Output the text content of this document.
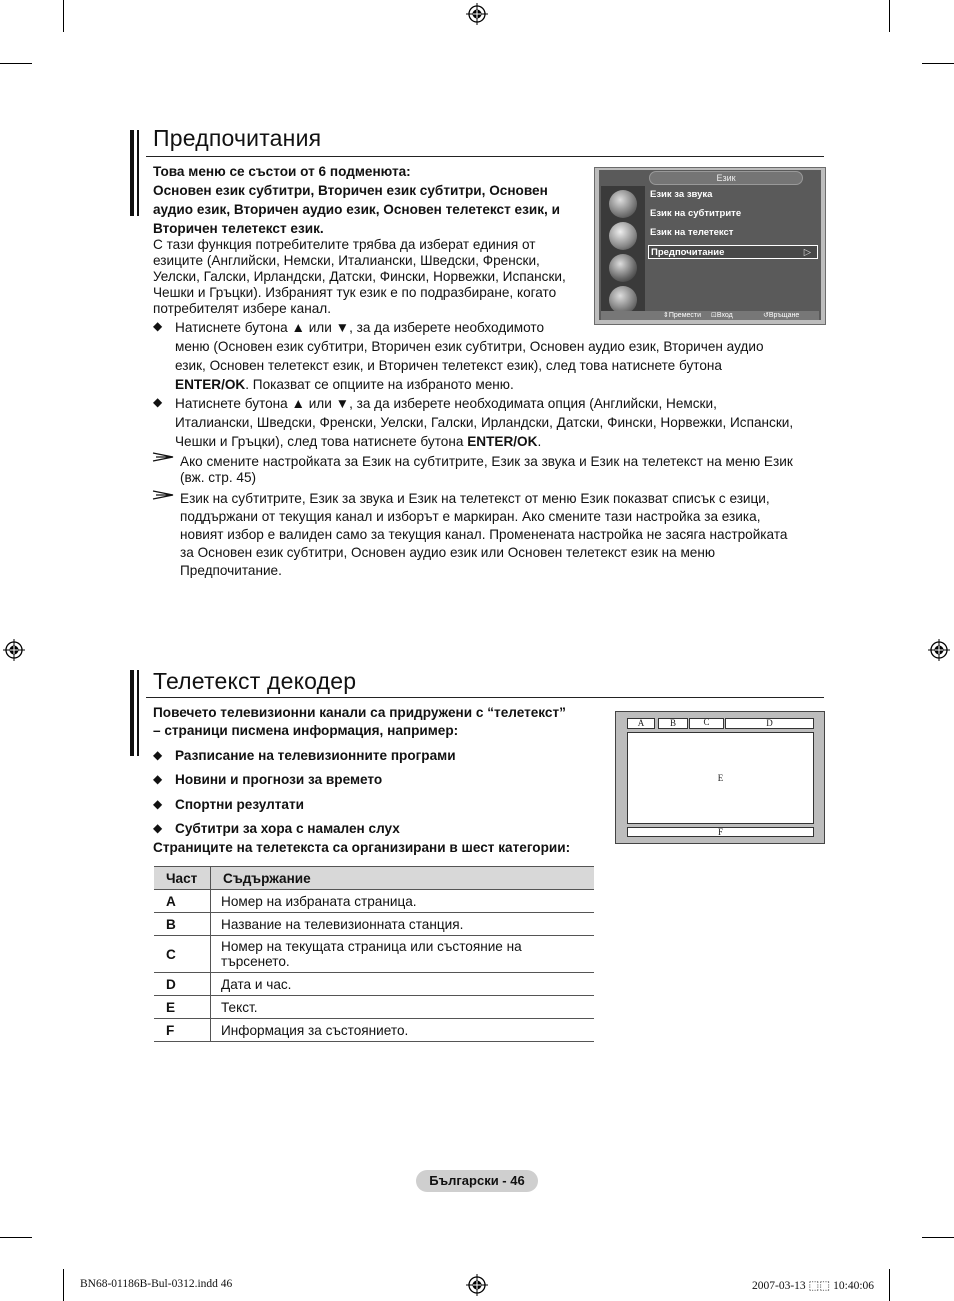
Предпочитания
Това меню се състои от 6 подменюта:
Основен език субтитри, Вторичен език субтитри, Основен
аудио език, Вторичен аудио език, Основен телетекст език, и
Вторичен телетекст език.
С тази функция потребителите трябва да изберат единия от
езиците (Английски, Немски, Италиански, Шведски, Френски,
Уелски, Галски, Ирландски, Датски, Фински, Норвежки, Испански,
Чешки и Гръцки). Избраният тук език е по подразбиране, когато
потребителят избере канал.
◆ Натиснете бутона ▲ или ▼, за да изберете необходимото
меню (Основен език субтитри, Вторичен език субтитри, Основен аудио език, Вторичен аудио
език, Основен телетекст език, и Вторичен телетекст език), след това натиснете бутона
ENTER/OK. Показват се опциите на избраното меню.
◆ Натиснете бутона ▲ или ▼, за да изберете необходимата опция (Английски, Немски,
Италиански, Шведски, Френски, Уелски, Галски, Ирландски, Датски, Фински, Норвежки, Испански,
Чешки и Гръцки), след това натиснете бутона ENTER/OK.
Ако смените настройката за Език на субтитрите, Език за звука и Език на телетекст на меню Език
(вж. стр. 45)
Език на субтитрите, Език за звука и Език на телетекст от меню Език показват списък с езици,
поддържани от текущия канал и изборът е маркиран. Ако смените тази настройка за езика,
новият избор е валиден само за текущия канал. Променената настройка не засяга настройката
за Основен език субтитри, Основен аудио език или Основен телетекст език на меню
Предпочитание.
Език
Език за звука
Език на субтитрите
Език на телетекст
Предпочитание	▷
⇕Премести ⊡Вход	↺Връщане
Телетекст декодер
Повечето телевизионни канали са придружени с “телетекст”
– страници писмена информация, например:
◆ Разписание на телевизионните програми
◆ Новини и прогнози за времето
◆ Спортни резултати
◆ Субтитри за хора с намален слух
Страниците на телетекста са организирани в шест категории:
A	B	C	D
E
F
Част	Съдържание
A	Номер на избраната страница.
B	Название на телевизионната станция.
C	Номер на текущата страница или състояние на търсенето.
D	Дата и час.
E	Текст.
F	Информация за състоянието.
Български - 46
BN68-01186B-Bul-0312.indd 46	2007-03-13 ⬚⬚ 10:40:06
